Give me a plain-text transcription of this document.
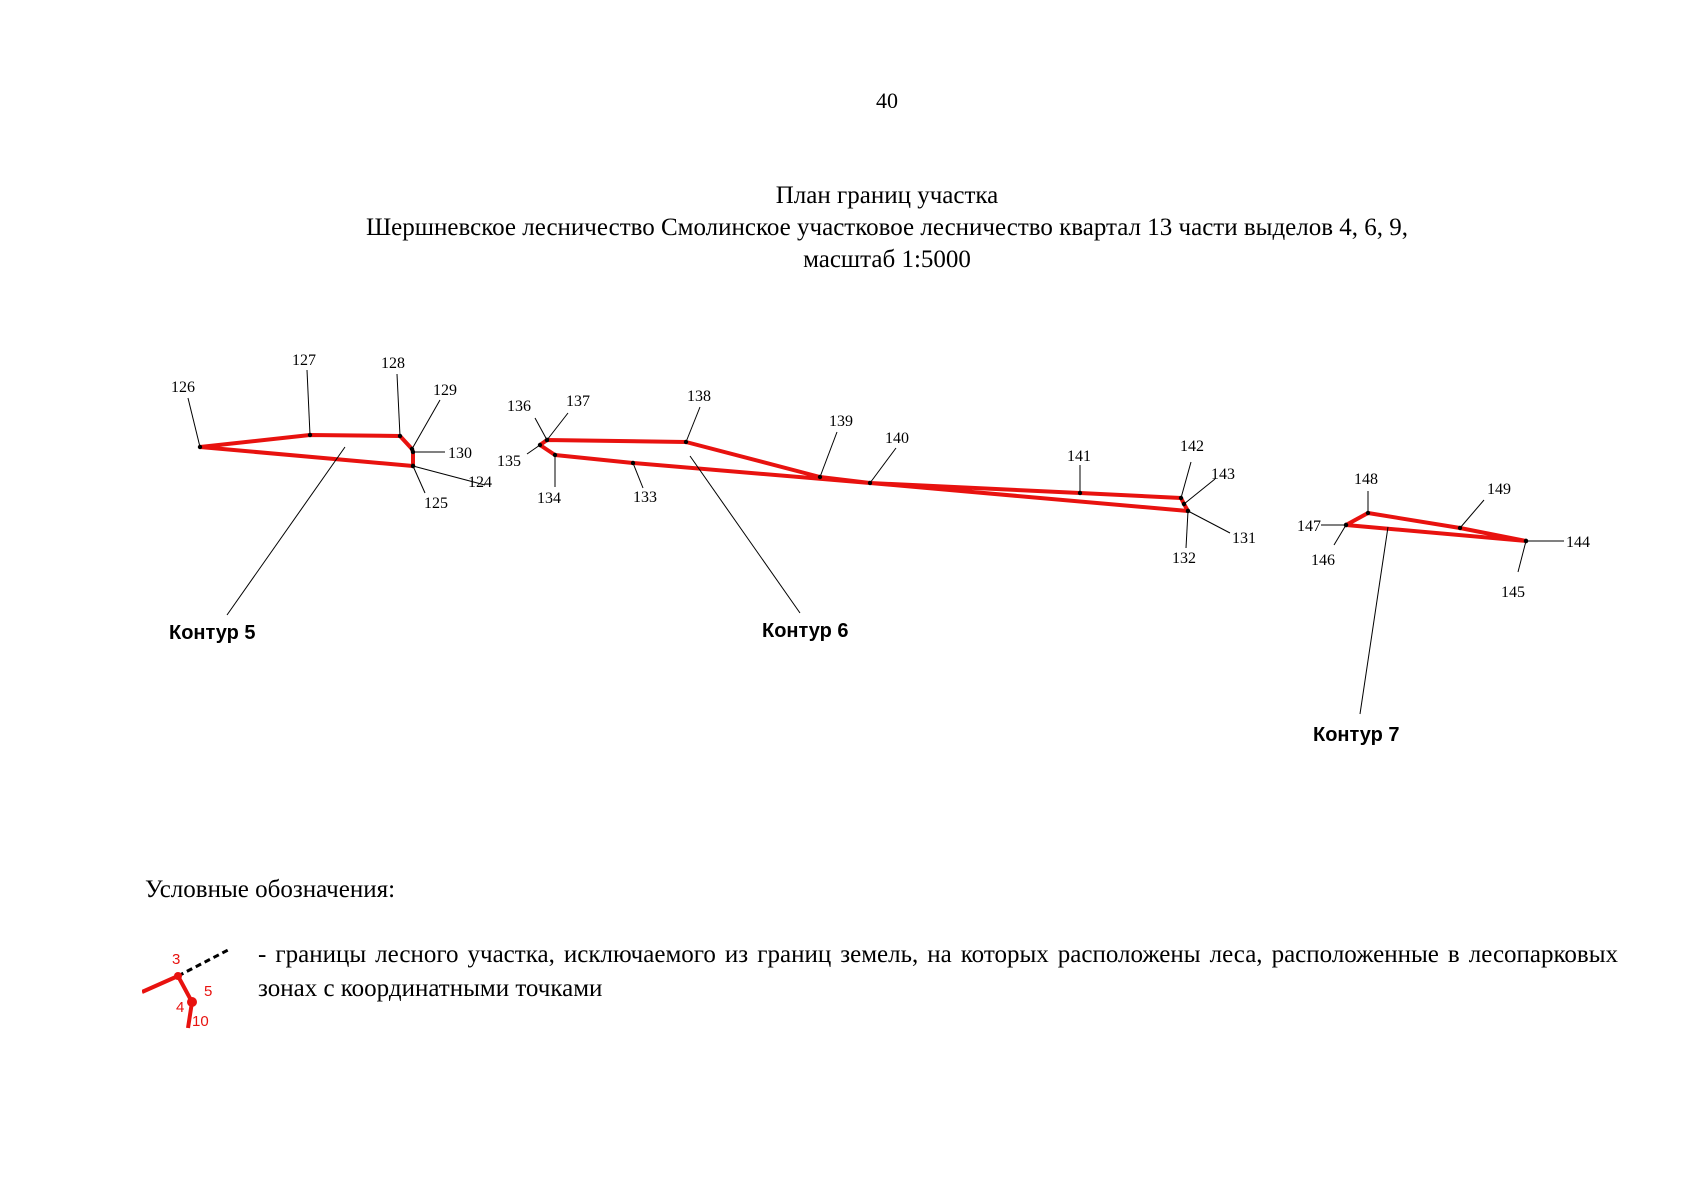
40
План границ участка
Шершневское лесничество Смолинское участковое лесничество квартал 13 части выделов 4, 6, 9,
масштаб 1:5000
124
125
126
127	128
129
130
Контур 5
131
132
133
134
135
136 137	138
139
140
141
142
143
Контур 6
144
145
146
147
148
149
Контур 7
Условные обозначения:
3
5
4
10
- границы лесного участка, исключаемого из границ земель, на которых расположены леса, расположенные в лесопарковых зонах с координатными точками
